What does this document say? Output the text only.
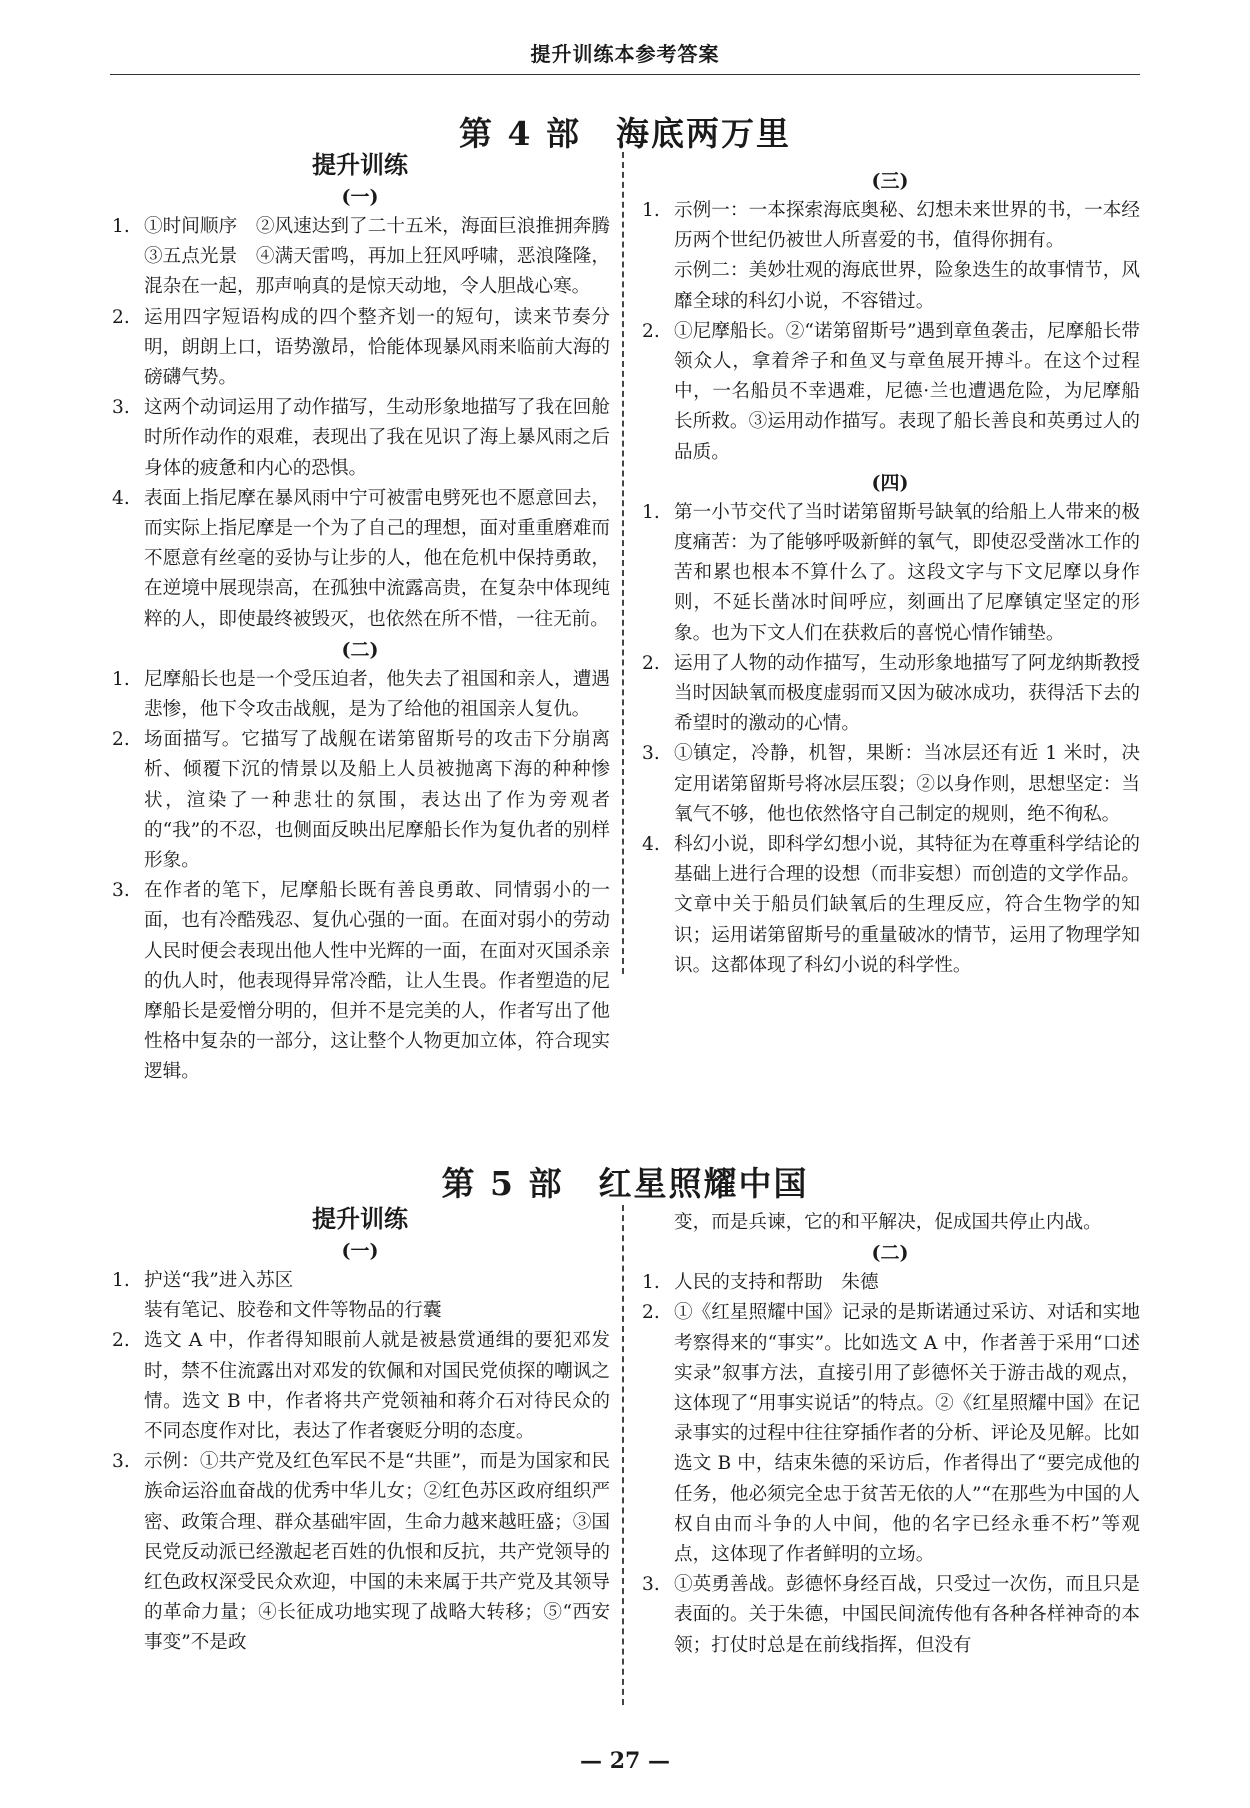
提升训练本参考答案
第 4 部　海底两万里
提升训练
(一)
1. ①时间顺序　②风速达到了二十五米，海面巨浪推拥奔腾　③五点光景　④满天雷鸣，再加上狂风呼啸，恶浪隆隆，混杂在一起，那声响真的是惊天动地，令人胆战心寒。
2. 运用四字短语构成的四个整齐划一的短句，读来节奏分明，朗朗上口，语势激昂，恰能体现暴风雨来临前大海的磅礴气势。
3. 这两个动词运用了动作描写，生动形象地描写了我在回舱时所作动作的艰难，表现出了我在见识了海上暴风雨之后身体的疲惫和内心的恐惧。
4. 表面上指尼摩在暴风雨中宁可被雷电劈死也不愿意回去，而实际上指尼摩是一个为了自己的理想，面对重重磨难而不愿意有丝毫的妥协与让步的人，他在危机中保持勇敢，在逆境中展现崇高，在孤独中流露高贵，在复杂中体现纯粹的人，即使最终被毁灭，也依然在所不惜，一往无前。
(二)
1. 尼摩船长也是一个受压迫者，他失去了祖国和亲人，遭遇悲惨，他下令攻击战舰，是为了给他的祖国亲人复仇。
2. 场面描写。它描写了战舰在诺第留斯号的攻击下分崩离析、倾覆下沉的情景以及船上人员被抛离下海的种种惨状，渲染了一种悲壮的氛围，表达出了作为旁观者的“我”的不忍，也侧面反映出尼摩船长作为复仇者的别样形象。
3. 在作者的笔下，尼摩船长既有善良勇敢、同情弱小的一面，也有冷酷残忍、复仇心强的一面。在面对弱小的劳动人民时便会表现出他人性中光辉的一面，在面对灭国杀亲的仇人时，他表现得异常冷酷，让人生畏。作者塑造的尼摩船长是爱憎分明的，但并不是完美的人，作者写出了他性格中复杂的一部分，这让整个人物更加立体，符合现实逻辑。
(三)
1. 示例一：一本探索海底奥秘、幻想未来世界的书，一本经历两个世纪仍被世人所喜爱的书，值得你拥有。
示例二：美妙壮观的海底世界，险象迭生的故事情节，风靡全球的科幻小说，不容错过。
2. ①尼摩船长。②“诺第留斯号”遇到章鱼袭击，尼摩船长带领众人，拿着斧子和鱼叉与章鱼展开搏斗。在这个过程中，一名船员不幸遇难，尼德·兰也遭遇危险，为尼摩船长所救。③运用动作描写。表现了船长善良和英勇过人的品质。
(四)
1. 第一小节交代了当时诺第留斯号缺氧的给船上人带来的极度痛苦：为了能够呼吸新鲜的氧气，即使忍受凿冰工作的苦和累也根本不算什么了。这段文字与下文尼摩以身作则，不延长凿冰时间呼应，刻画出了尼摩镇定坚定的形象。也为下文人们在获救后的喜悦心情作铺垫。
2. 运用了人物的动作描写，生动形象地描写了阿龙纳斯教授当时因缺氧而极度虚弱而又因为破冰成功，获得活下去的希望时的激动的心情。
3. ①镇定，冷静，机智，果断：当冰层还有近 1 米时，决定用诺第留斯号将冰层压裂；②以身作则，思想坚定：当氧气不够，他也依然恪守自己制定的规则，绝不徇私。
4. 科幻小说，即科学幻想小说，其特征为在尊重科学结论的基础上进行合理的设想（而非妄想）而创造的文学作品。文章中关于船员们缺氧后的生理反应，符合生物学的知识；运用诺第留斯号的重量破冰的情节，运用了物理学知识。这都体现了科幻小说的科学性。
第 5 部　红星照耀中国
提升训练
(一)
1. 护送“我”进入苏区
装有笔记、胶卷和文件等物品的行囊
2. 选文 A 中，作者得知眼前人就是被悬赏通缉的要犯邓发时，禁不住流露出对邓发的钦佩和对国民党侦探的嘲讽之情。选文 B 中，作者将共产党领袖和蒋介石对待民众的不同态度作对比，表达了作者褒贬分明的态度。
3. 示例：①共产党及红色军民不是“共匪”，而是为国家和民族命运浴血奋战的优秀中华儿女；②红色苏区政府组织严密、政策合理、群众基础牢固，生命力越来越旺盛；③国民党反动派已经激起老百姓的仇恨和反抗，共产党领导的红色政权深受民众欢迎，中国的未来属于共产党及其领导的革命力量；④长征成功地实现了战略大转移；⑤“西安事变”不是政
变，而是兵谏，它的和平解决，促成国共停止内战。
(二)
1. 人民的支持和帮助　朱德
2. ①《红星照耀中国》记录的是斯诺通过采访、对话和实地考察得来的“事实”。比如选文 A 中，作者善于采用“口述实录”叙事方法，直接引用了彭德怀关于游击战的观点，这体现了“用事实说话”的特点。②《红星照耀中国》在记录事实的过程中往往穿插作者的分析、评论及见解。比如选文 B 中，结束朱德的采访后，作者得出了“要完成他的任务，他必须完全忠于贫苦无依的人”“在那些为中国的人权自由而斗争的人中间，他的名字已经永垂不朽”等观点，这体现了作者鲜明的立场。
3. ①英勇善战。彭德怀身经百战，只受过一次伤，而且只是表面的。关于朱德，中国民间流传他有各种各样神奇的本领；打仗时总是在前线指挥，但没有
— 27 —
